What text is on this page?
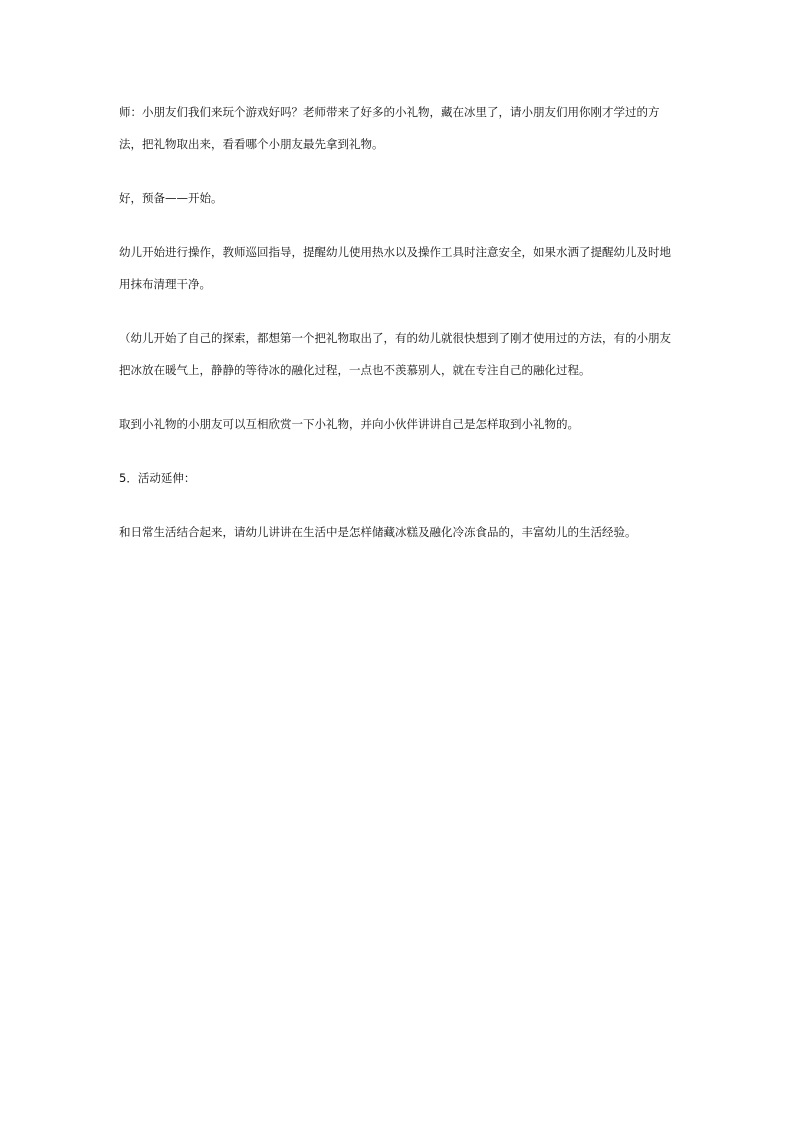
师：小朋友们我们来玩个游戏好吗？老师带来了好多的小礼物，藏在冰里了，请小朋友们用你刚才学过的方法，把礼物取出来，看看哪个小朋友最先拿到礼物。

好，预备——开始。

幼儿开始进行操作，教师巡回指导，提醒幼儿使用热水以及操作工具时注意安全，如果水洒了提醒幼儿及时地用抹布清理干净。

（幼儿开始了自己的探索，都想第一个把礼物取出了，有的幼儿就很快想到了刚才使用过的方法，有的小朋友把冰放在暖气上，静静的等待冰的融化过程，一点也不羡慕别人，就在专注自己的融化过程。

取到小礼物的小朋友可以互相欣赏一下小礼物，并向小伙伴讲讲自己是怎样取到小礼物的。

5．活动延伸：

和日常生活结合起来，请幼儿讲讲在生活中是怎样储藏冰糕及融化冷冻食品的，丰富幼儿的生活经验。
